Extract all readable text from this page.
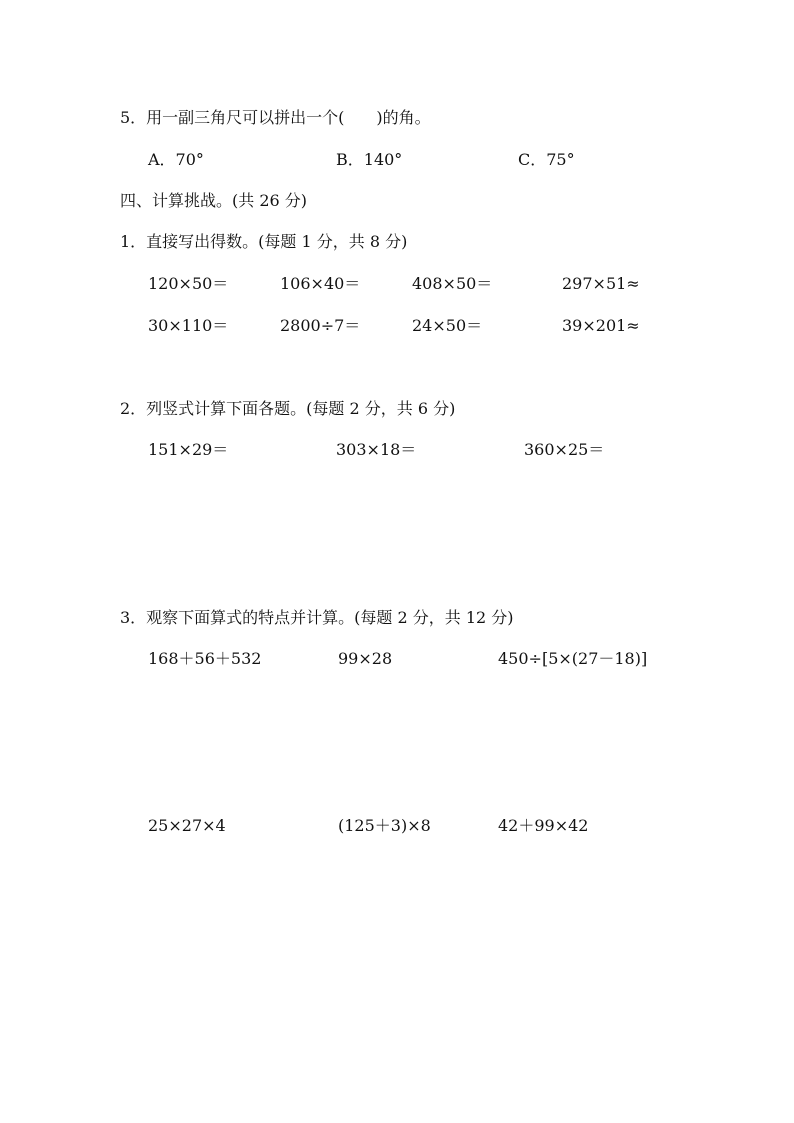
5．用一副三角尺可以拼出一个(　　)的角。
A．70°	B．140°	C．75°
四、计算挑战。(共 26 分)
1．直接写出得数。(每题 1 分，共 8 分)
120×50＝	106×40＝	408×50＝	297×51≈
30×110＝	2800÷7＝	24×50＝	39×201≈
2．列竖式计算下面各题。(每题 2 分，共 6 分)
151×29＝	303×18＝	360×25＝
3．观察下面算式的特点并计算。(每题 2 分，共 12 分)
168＋56＋532	99×28	450÷[5×(27－18)]
25×27×4	(125＋3)×8	42＋99×42
